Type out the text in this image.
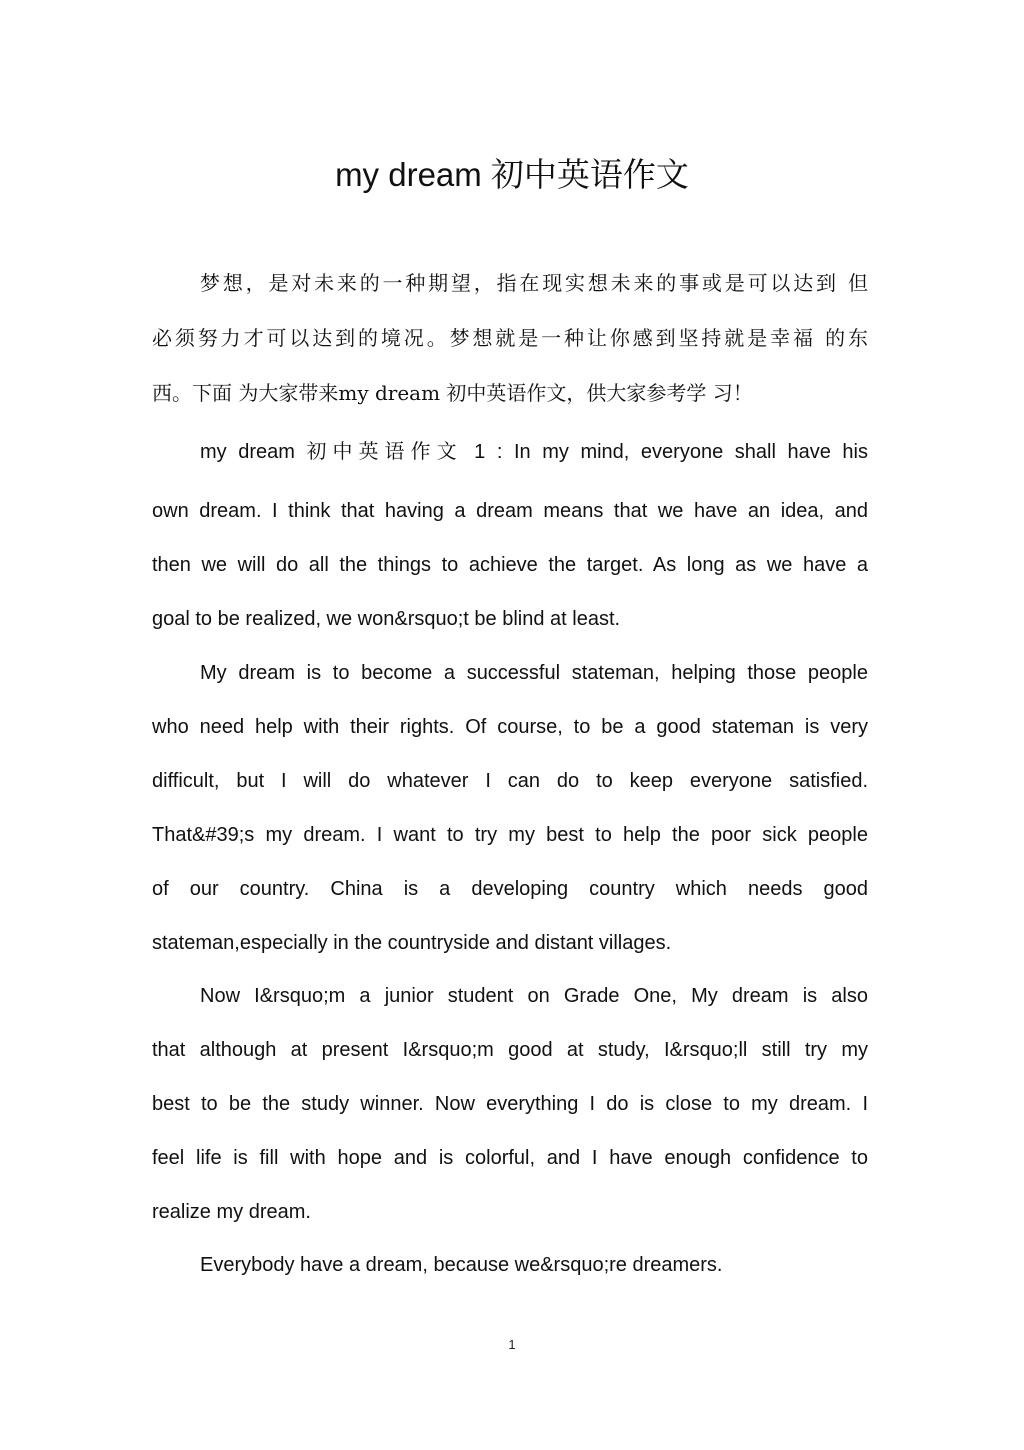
my dream 初中英语作文
梦想，是对未来的一种期望，指在现实想未来的事或是可以达到 但
必须努力才可以达到的境况。梦想就是一种让你感到坚持就是幸福 的东
西。下面 为大家带来my dream 初中英语作文，供大家参考学 习！
my dream 初中英语作文 1 : In my mind, everyone shall have his
own dream. I think that having a dream means that we have an idea, and
then we will do all the things to achieve the target. As long as we have a
goal to be realized, we won&rsquo;t be blind at least.
My dream is to become a successful stateman, helping those people
who need help with their rights. Of course, to be a good stateman is very
difficult, but I will do whatever I can do to keep everyone satisfied.
That&#39;s my dream. I want to try my best to help the poor sick people
of our country. China is a developing country which needs good
stateman,especially in the countryside and distant villages.
Now I&rsquo;m a junior student on Grade One, My dream is also
that although at present I&rsquo;m good at study, I&rsquo;ll still try my
best to be the study winner. Now everything I do is close to my dream. I
feel life is fill with hope and is colorful, and I have enough confidence to
realize my dream.
Everybody have a dream, because we&rsquo;re dreamers.
1
